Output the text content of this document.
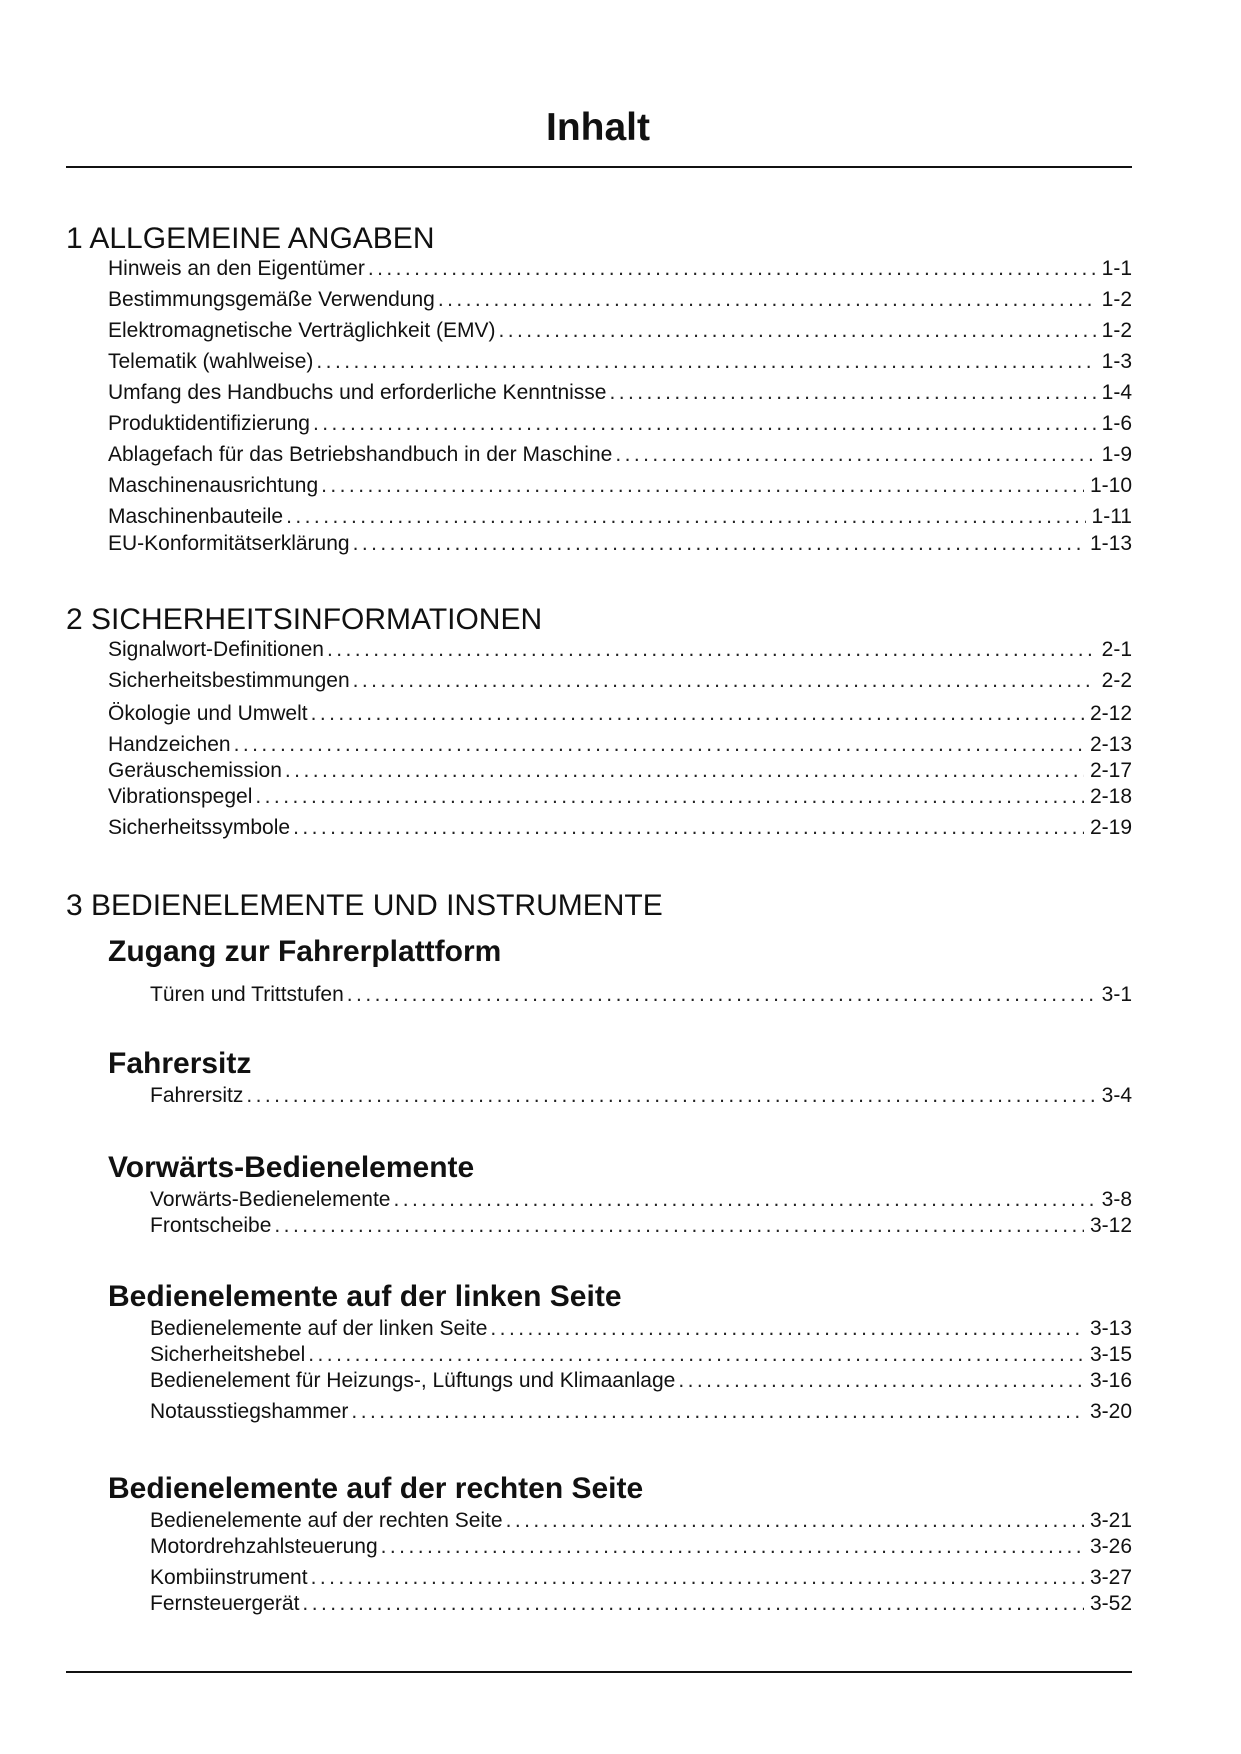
Inhalt
1 ALLGEMEINE ANGABEN
Hinweis an den Eigentümer . . .	1-1
Bestimmungsgemäße Verwendung . . .	1-2
Elektromagnetische Verträglichkeit (EMV) . . .	1-2
Telematik (wahlweise) . . .	1-3
Umfang des Handbuchs und erforderliche Kenntnisse . . .	1-4
Produktidentifizierung . . .	1-6
Ablagefach für das Betriebshandbuch in der Maschine . . .	1-9
Maschinenausrichtung . . .	1-10
Maschinenbauteile . . .	1-11
EU-Konformitätserklärung . . .	1-13
2 SICHERHEITSINFORMATIONEN
Signalwort-Definitionen . . .	2-1
Sicherheitsbestimmungen . . .	2-2
Ökologie und Umwelt . . .	2-12
Handzeichen . . .	2-13
Geräuschemission . . .	2-17
Vibrationspegel . . .	2-18
Sicherheitssymbole . . .	2-19
3 BEDIENELEMENTE UND INSTRUMENTE
Zugang zur Fahrerplattform
Türen und Trittstufen . . .	3-1
Fahrersitz
Fahrersitz . . .	3-4
Vorwärts-Bedienelemente
Vorwärts-Bedienelemente . . .	3-8
Frontscheibe . . .	3-12
Bedienelemente auf der linken Seite
Bedienelemente auf der linken Seite . . .	3-13
Sicherheitshebel . . .	3-15
Bedienelement für Heizungs-, Lüftungs und Klimaanlage . . .	3-16
Notausstiegshammer . . .	3-20
Bedienelemente auf der rechten Seite
Bedienelemente auf der rechten Seite . . .	3-21
Motordrehzahlsteuerung . . .	3-26
Kombiinstrument . . .	3-27
Fernsteuergerät . . .	3-52
